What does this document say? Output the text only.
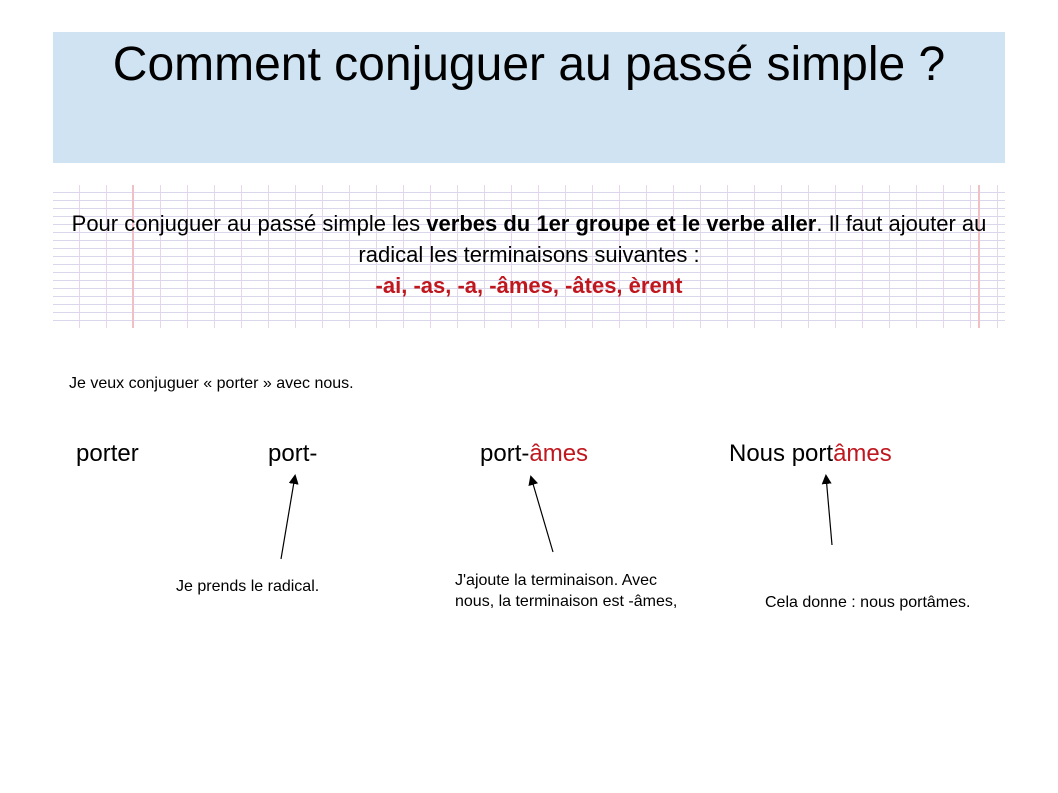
Comment conjuguer au passé simple ?
Pour conjuguer au passé simple les verbes du 1er groupe et le verbe aller. Il faut ajouter au radical les terminaisons suivantes :
-ai, -as, -a, -âmes, -âtes, èrent
Je veux conjuguer « porter » avec nous.
porter	port-	port-âmes	Nous portâmes
Je prends le radical.	J'ajoute la terminaison. Avec nous, la terminaison est -âmes,	Cela donne : nous portâmes.
